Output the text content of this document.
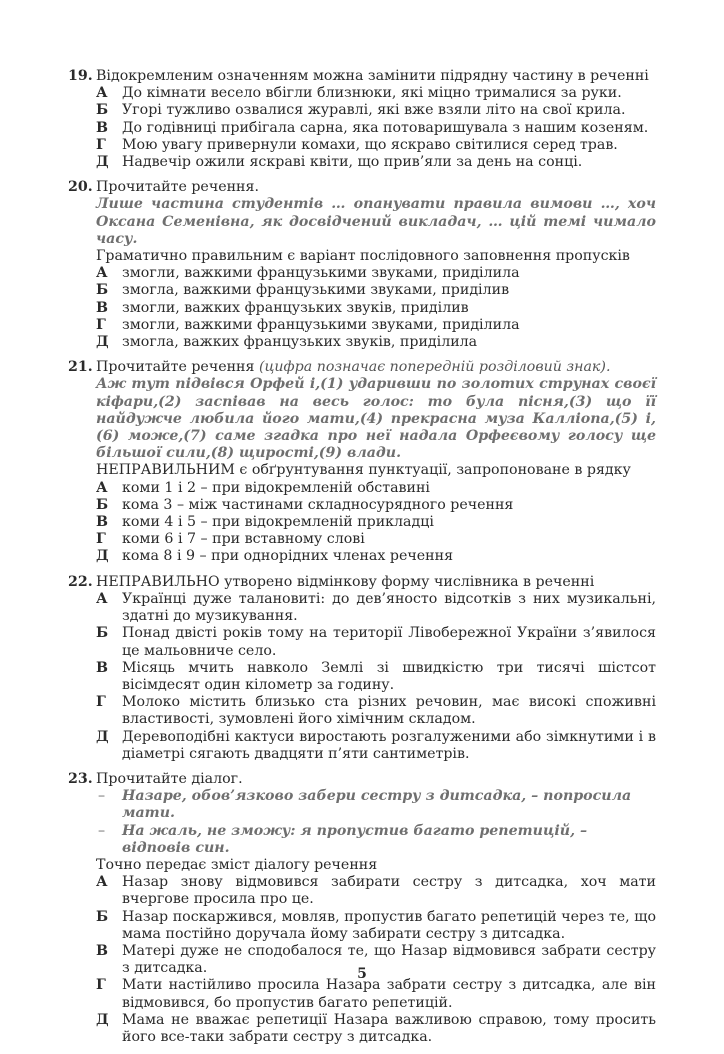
19. Відокремленим означенням можна замінити підрядну частину в реченні
А До кімнати весело вбігли близнюки, які міцно трималися за руки.
Б Угорі тужливо озвалися журавлі, які вже взяли літо на свої крила.
В До годівниці прибігала сарна, яка потоваришувала з нашим козеням.
Г Мою увагу привернули комахи, що яскраво світилися серед трав.
Д Надвечір ожили яскраві квіти, що прив’яли за день на сонці.
20. Прочитайте речення.
Лише частина студентів … опанувати правила вимови …, хоч Оксана Семенівна, як досвідчений викладач, … цій темі чимало часу.
Граматично правильним є варіант послідовного заповнення пропусків
А змогли, важкими французькими звуками, приділила
Б змогла, важкими французькими звуками, приділив
В змогли, важких французьких звуків, приділив
Г змогли, важкими французькими звуками, приділила
Д змогла, важких французьких звуків, приділила
21. Прочитайте речення (цифра позначає попередній розділовий знак).
Аж тут підвівся Орфей і,(1) ударивши по золотих струнах своєї кіфари,(2) заспівав на весь голос: то була пісня,(3) що її найдужче любила його мати,(4) прекрасна муза Калліопа,(5) і,(6) може,(7) саме згадка про неї надала Орфеєвому голосу ще більшої сили,(8) щирості,(9) влади.
НЕПРАВИЛЬНИМ є обґрунтування пунктуації, запропоноване в рядку
А коми 1 і 2 – при відокремленій обставині
Б кома 3 – між частинами складносурядного речення
В коми 4 і 5 – при відокремленій прикладці
Г коми 6 і 7 – при вставному слові
Д кома 8 і 9 – при однорідних членах речення
22. НЕПРАВИЛЬНО утворено відмінкову форму числівника в реченні
А Українці дуже талановиті: до дев’яносто відсотків з них музикальні, здатні до музикування.
Б Понад двісті років тому на території Лівобережної України з’явилося це мальовниче село.
В Місяць мчить навколо Землі зі швидкістю три тисячі шістсот вісімдесят один кілометр за годину.
Г Молоко містить близько ста різних речовин, має високі споживні властивості, зумовлені його хімічним складом.
Д Деревоподібні кактуси виростають розгалуженими або зімкнутими і в діаметрі сягають двадцяти п’яти сантиметрів.
23. Прочитайте діалог.
– Назаре, обов’язково забери сестру з дитсадка, – попросила мати.
– На жаль, не зможу: я пропустив багато репетицій, – відповів син.
Точно передає зміст діалогу речення
А Назар знову відмовився забирати сестру з дитсадка, хоч мати вчергове просила про це.
Б Назар поскаржився, мовляв, пропустив багато репетицій через те, що мама постійно доручала йому забирати сестру з дитсадка.
В Матері дуже не сподобалося те, що Назар відмовився забрати сестру з дитсадка.
Г Мати настійливо просила Назара забрати сестру з дитсадка, але він відмовився, бо пропустив багато репетицій.
Д Мама не вважає репетиції Назара важливою справою, тому просить його все-таки забрати сестру з дитсадка.
5
